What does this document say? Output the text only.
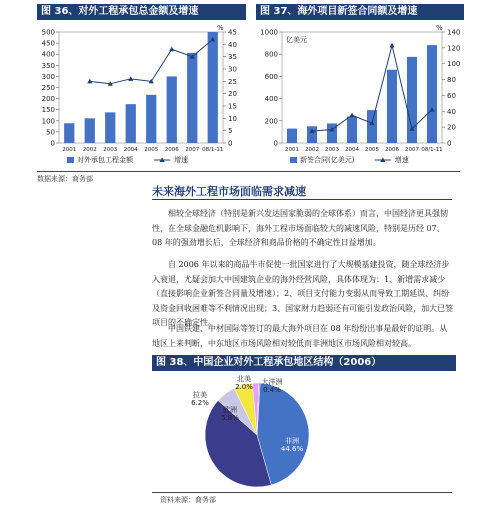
图 36、对外工程承包总金额及增速
0
50
100
150
200
250
300
350
400
450
500
0
5
10
15
20
25
30
35
40
45
%
2001 2002 2003 2004 2005 2006 2007 08/1-11
对外承包工程金额	增速
图 37、海外项目新签合同额及增速
0
200
400
600
800
1000
0
20
40
60
80
100
120
140
%
亿美元
2001 2002 2003 2004 2005 2006 2007 08/1-11
新签合同(亿美元)	增速
数据来源：商务部
未来海外工程市场面临需求减速

相较全球经济（特别是新兴发达国家脆弱的全球体系）而言，中国经济更具强韧性，在全球金融危机影响下，海外工程市场面临较大的减速风险，特别是历经 07、08 年的强劲增长后，全球经济和商品价格的不确定性日益增加。

自 2006 年以来的商品牛市促使一批国家进行了大规模基建投资，随全球经济步入衰退，尤疑会加大中国建筑企业的海外经营风险，具体体现为：1、新增需求减少（直接影响企业新签合同量及增速）；2、项目支付能力变弱从而导致工期延误、纠纷及资金回收困难等不利情况出现；3、国家财力趋弱还有可能引发政治风险，加大已签项目的不确定性。

中国铁建、中材国际等签订的最大海外项目在 08 年纷纷出事是最好的证明。从地区上来判断，中东地区市场风险相对较低而非洲地区市场风险相对较高。

图 38、中国企业对外工程承包地区结构（2006）
非洲
44.6%
亚洲
41.0%
拉美
6.2%
欧洲
5.8%
北美
2.0%
大洋洲
0.4%
资料来源：商务部
